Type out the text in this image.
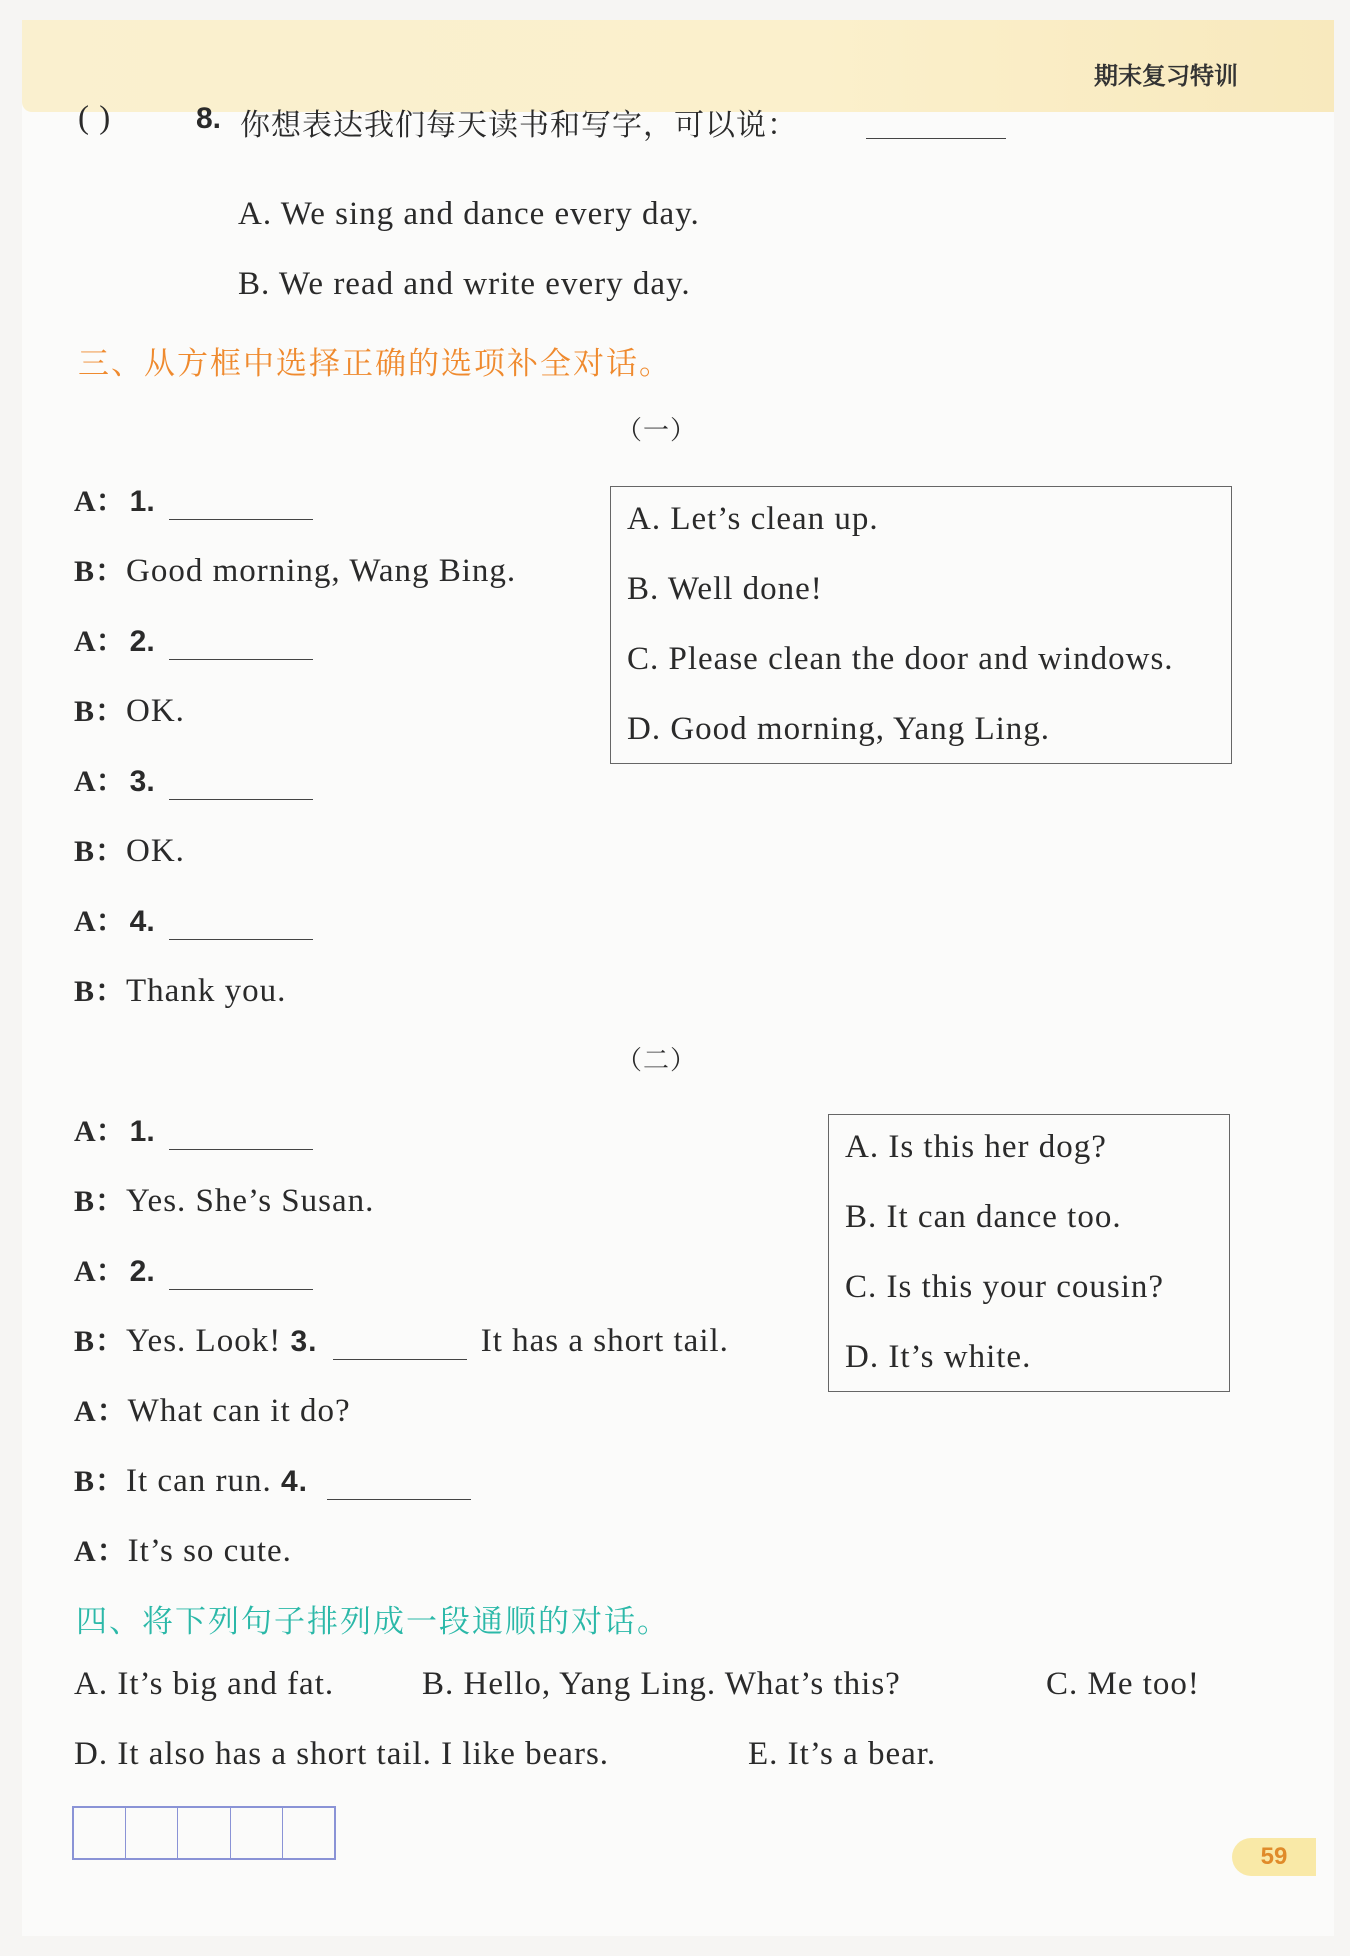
期末复习特训
( )	8. 你想表达我们每天读书和写字，可以说：
A. We sing and dance every day.
B. We read and write every day.
三、从方框中选择正确的选项补全对话。
（一）
A： 1.
B：Good morning, Wang Bing.
A： 2.
B：OK.
A： 3.
B：OK.
A： 4.
B：Thank you.
A. Let’s clean up.
B. Well done!
C. Please clean the door and windows.
D. Good morning, Yang Ling.
（二）
A： 1.
B：Yes. She’s Susan.
A： 2.
B：Yes. Look! 3.	It has a short tail.
A：What can it do?
B：It can run. 4.
A：It’s so cute.
A. Is this her dog?
B. It can dance too.
C. Is this your cousin?
D. It’s white.
四、将下列句子排列成一段通顺的对话。
A. It’s big and fat.	B. Hello, Yang Ling. What’s this?	C. Me too!
D. It also has a short tail. I like bears.	E. It’s a bear.
59
